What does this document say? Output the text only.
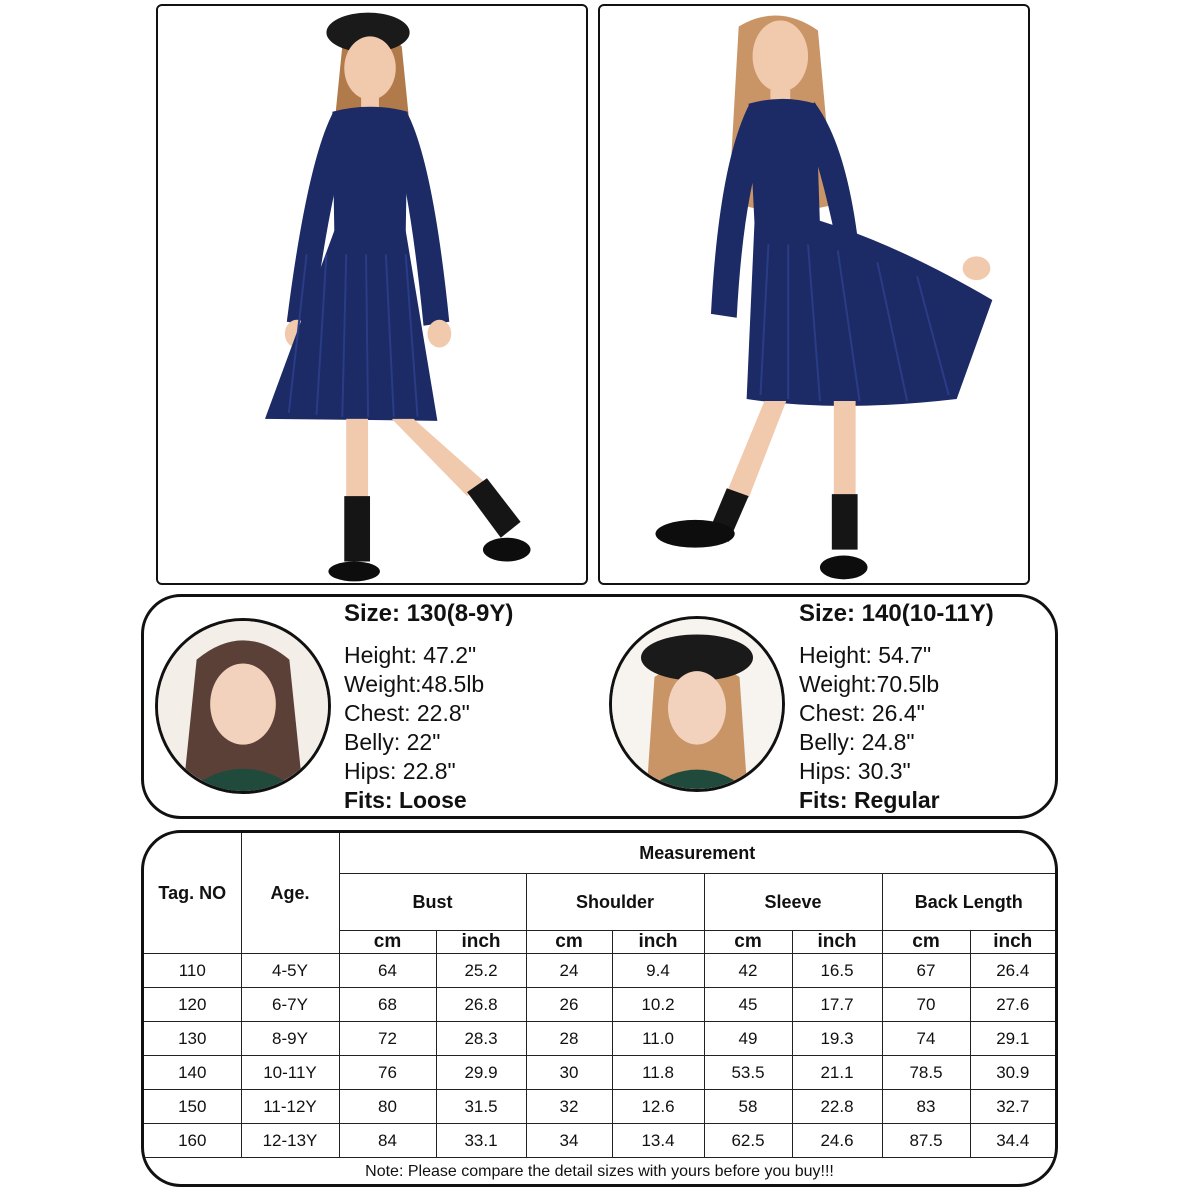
Size: 130(8-9Y)
Height: 47.2"
Weight:48.5lb
Chest: 22.8"
Belly: 22"
Hips: 22.8"
Fits: Loose
Size: 140(10-11Y)
Height: 54.7"
Weight:70.5lb
Chest: 26.4"
Belly: 24.8"
Hips: 30.3"
Fits: Regular
Tag. NO	Age.	Measurement							
		Bust		Shoulder		Sleeve		Back Length	
		cm	inch	cm	inch	cm	inch	cm	inch
110	4-5Y	64	25.2	24	9.4	42	16.5	67	26.4
120	6-7Y	68	26.8	26	10.2	45	17.7	70	27.6
130	8-9Y	72	28.3	28	11.0	49	19.3	74	29.1
140	10-11Y	76	29.9	30	11.8	53.5	21.1	78.5	30.9
150	11-12Y	80	31.5	32	12.6	58	22.8	83	32.7
160	12-13Y	84	33.1	34	13.4	62.5	24.6	87.5	34.4
Note: Please compare the detail sizes with yours before you buy!!!
